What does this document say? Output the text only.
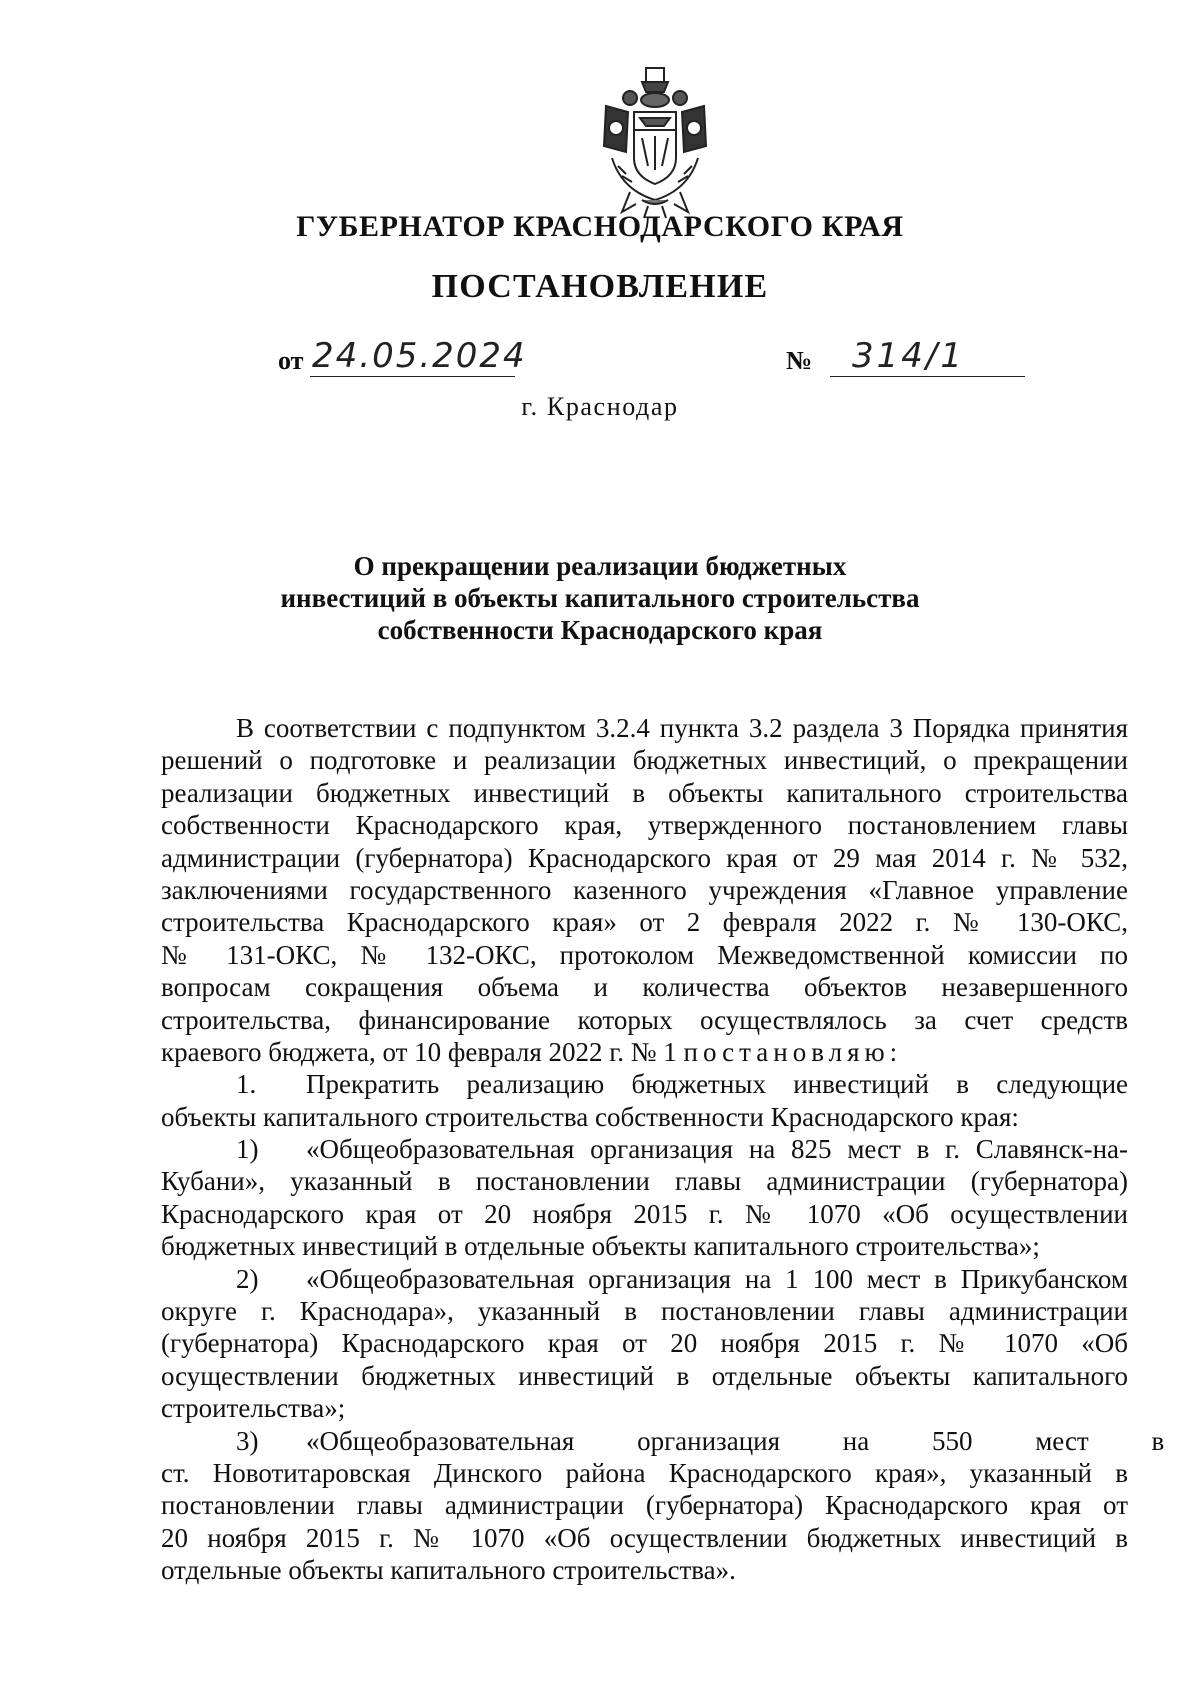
ГУБЕРНАТОР КРАСНОДАРСКОГО КРАЯ
ПОСТАНОВЛЕНИЕ
от 24.05.2024	№ 314/1
г. Краснодар
О прекращении реализации бюджетных
инвестиций в объекты капитального строительства
собственности Краснодарского края
В соответствии с подпунктом 3.2.4 пункта 3.2 раздела 3 Порядка принятия
решений о подготовке и реализации бюджетных инвестиций, о прекращении
реализации бюджетных инвестиций в объекты капитального строительства
собственности Краснодарского края, утвержденного постановлением главы
администрации (губернатора) Краснодарского края от 29 мая 2014 г. № 532,
заключениями государственного казенного учреждения «Главное управление
строительства Краснодарского края» от 2 февраля 2022 г. № 130-ОКС,
№ 131-ОКС, № 132-ОКС, протоколом Межведомственной комиссии по
вопросам сокращения объема и количества объектов незавершенного
строительства, финансирование которых осуществлялось за счет средств
краевого бюджета, от 10 февраля 2022 г. № 1 постановляю:
1. Прекратить реализацию бюджетных инвестиций в следующие
объекты капитального строительства собственности Краснодарского края:
1) «Общеобразовательная организация на 825 мест в г. Славянск-на-
Кубани», указанный в постановлении главы администрации (губернатора)
Краснодарского края от 20 ноября 2015 г. № 1070 «Об осуществлении
бюджетных инвестиций в отдельные объекты капитального строительства»;
2) «Общеобразовательная организация на 1 100 мест в Прикубанском
округе г. Краснодара», указанный в постановлении главы администрации
(губернатора) Краснодарского края от 20 ноября 2015 г. № 1070 «Об
осуществлении бюджетных инвестиций в отдельные объекты капитального
строительства»;
3) «Общеобразовательная организация на 550 мест в
ст. Новотитаровская Динского района Краснодарского края», указанный в
постановлении главы администрации (губернатора) Краснодарского края от
20 ноября 2015 г. № 1070 «Об осуществлении бюджетных инвестиций в
отдельные объекты капитального строительства».
